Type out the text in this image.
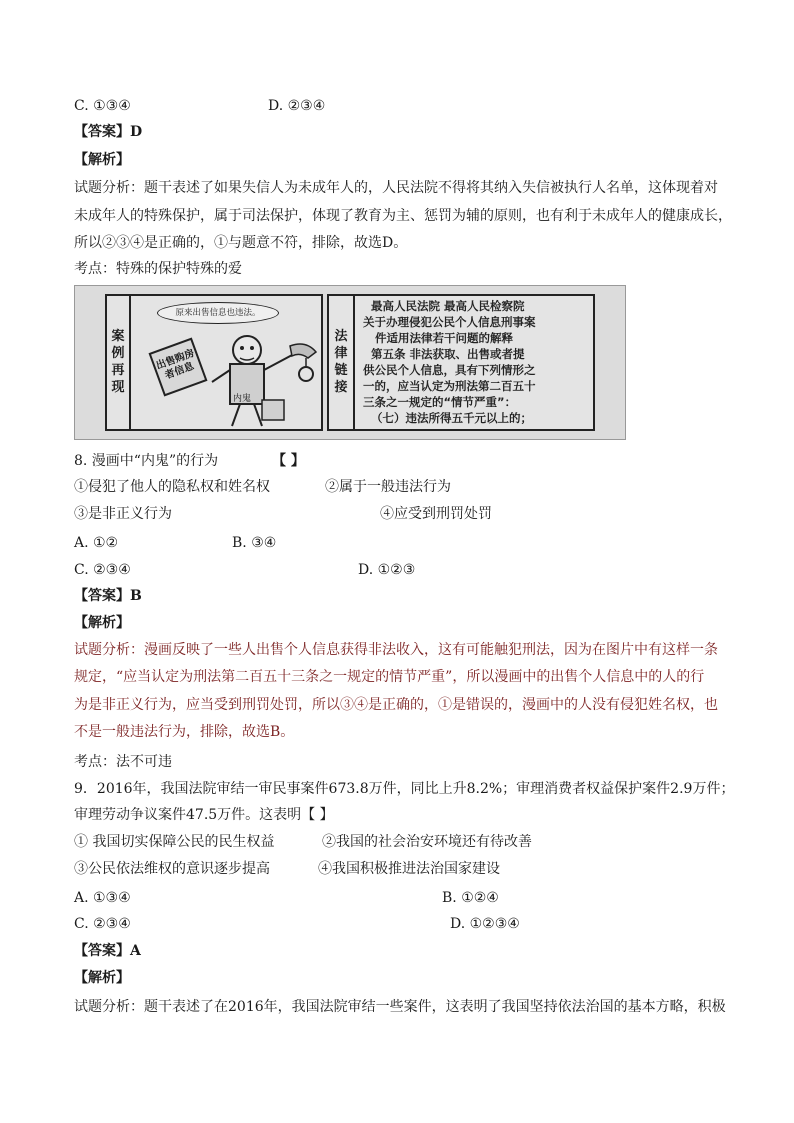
C. ①③④	D. ②③④
【答案】D
【解析】
试题分析：题干表述了如果失信人为未成年人的，人民法院不得将其纳入失信被执行人名单，这体现着对
未成年人的特殊保护，属于司法保护，体现了教育为主、惩罚为辅的原则，也有利于未成年人的健康成长，
所以②③④是正确的，①与题意不符，排除，故选D。
考点：特殊的保护特殊的爱
案例再现
原来出售信息也违法。
出售购房者信息
内鬼
法律链接
最高人民法院 最高人民检察院
关于办理侵犯公民个人信息刑事案
件适用法律若干问题的解释
第五条 非法获取、出售或者提
供公民个人信息，具有下列情形之
一的，应当认定为刑法第二百五十
三条之一规定的“情节严重”：
（七）违法所得五千元以上的；
8. 漫画中“内鬼”的行为	【 】
①侵犯了他人的隐私权和姓名权	②属于一般违法行为
③是非正义行为	④应受到刑罚处罚
A. ①②	B. ③④
C. ②③④	D. ①②③
【答案】B
【解析】
试题分析：漫画反映了一些人出售个人信息获得非法收入，这有可能触犯刑法，因为在图片中有这样一条
规定，“应当认定为刑法第二百五十三条之一规定的情节严重”，所以漫画中的出售个人信息中的人的行
为是非正义行为，应当受到刑罚处罚，所以③④是正确的，①是错误的，漫画中的人没有侵犯姓名权，也
不是一般违法行为，排除，故选B。
考点：法不可违
9．2016年，我国法院审结一审民事案件673.8万件，同比上升8.2%；审理消费者权益保护案件2.9万件；
审理劳动争议案件47.5万件。这表明【 】
① 我国切实保障公民的民生权益	②我国的社会治安环境还有待改善
③公民依法维权的意识逐步提高	④我国积极推进法治国家建设
A. ①③④	B. ①②④
C. ②③④	D. ①②③④
【答案】A
【解析】
试题分析：题干表述了在2016年，我国法院审结一些案件，这表明了我国坚持依法治国的基本方略，积极
